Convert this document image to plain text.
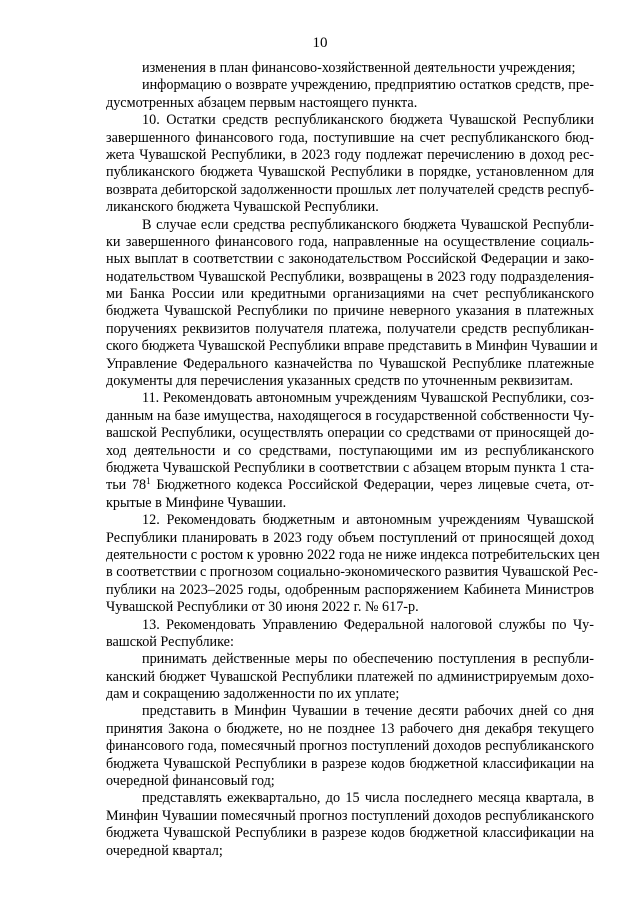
10
изменения в план финансово-хозяйственной деятельности учреждения;
информацию о возврате учреждению, предприятию остатков средств, пре-
дусмотренных абзацем первым настоящего пункта.
10. Остатки средств республиканского бюджета Чувашской Республики
завершенного финансового года, поступившие на счет республиканского бюд-
жета Чувашской Республики, в 2023 году подлежат перечислению в доход рес-
публиканского бюджета Чувашской Республики в порядке, установленном для
возврата дебиторской задолженности прошлых лет получателей средств респуб-
ликанского бюджета Чувашской Республики.
В случае если средства республиканского бюджета Чувашской Республи-
ки завершенного финансового года, направленные на осуществление социаль-
ных выплат в соответствии с законодательством Российской Федерации и зако-
нодательством Чувашской Республики, возвращены в 2023 году подразделения-
ми Банка России или кредитными организациями на счет республиканского
бюджета Чувашской Республики по причине неверного указания в платежных
поручениях реквизитов получателя платежа, получатели средств республикан-
ского бюджета Чувашской Республики вправе представить в Минфин Чувашии и
Управление Федерального казначейства по Чувашской Республике платежные
документы для перечисления указанных средств по уточненным реквизитам.
11. Рекомендовать автономным учреждениям Чувашской Республики, соз-
данным на базе имущества, находящегося в государственной собственности Чу-
вашской Республики, осуществлять операции со средствами от приносящей до-
ход деятельности и со средствами, поступающими им из республиканского
бюджета Чувашской Республики в соответствии с абзацем вторым пункта 1 ста-
тьи $78^1$ Бюджетного кодекса Российской Федерации, через лицевые счета, от-
крытые в Минфине Чувашии.
12. Рекомендовать бюджетным и автономным учреждениям Чувашской
Республики планировать в 2023 году объем поступлений от приносящей доход
деятельности с ростом к уровню 2022 года не ниже индекса потребительских цен
в соответствии с прогнозом социально-экономического развития Чувашской Рес-
публики на 2023–2025 годы, одобренным распоряжением Кабинета Министров
Чувашской Республики от 30 июня 2022 г. № 617-р.
13. Рекомендовать Управлению Федеральной налоговой службы по Чу-
вашской Республике:
принимать действенные меры по обеспечению поступления в республи-
канский бюджет Чувашской Республики платежей по администрируемым дохо-
дам и сокращению задолженности по их уплате;
представить в Минфин Чувашии в течение десяти рабочих дней со дня
принятия Закона о бюджете, но не позднее 13 рабочего дня декабря текущего
финансового года, помесячный прогноз поступлений доходов республиканского
бюджета Чувашской Республики в разрезе кодов бюджетной классификации на
очередной финансовый год;
представлять ежеквартально, до 15 числа последнего месяца квартала, в
Минфин Чувашии помесячный прогноз поступлений доходов республиканского
бюджета Чувашской Республики в разрезе кодов бюджетной классификации на
очередной квартал;
